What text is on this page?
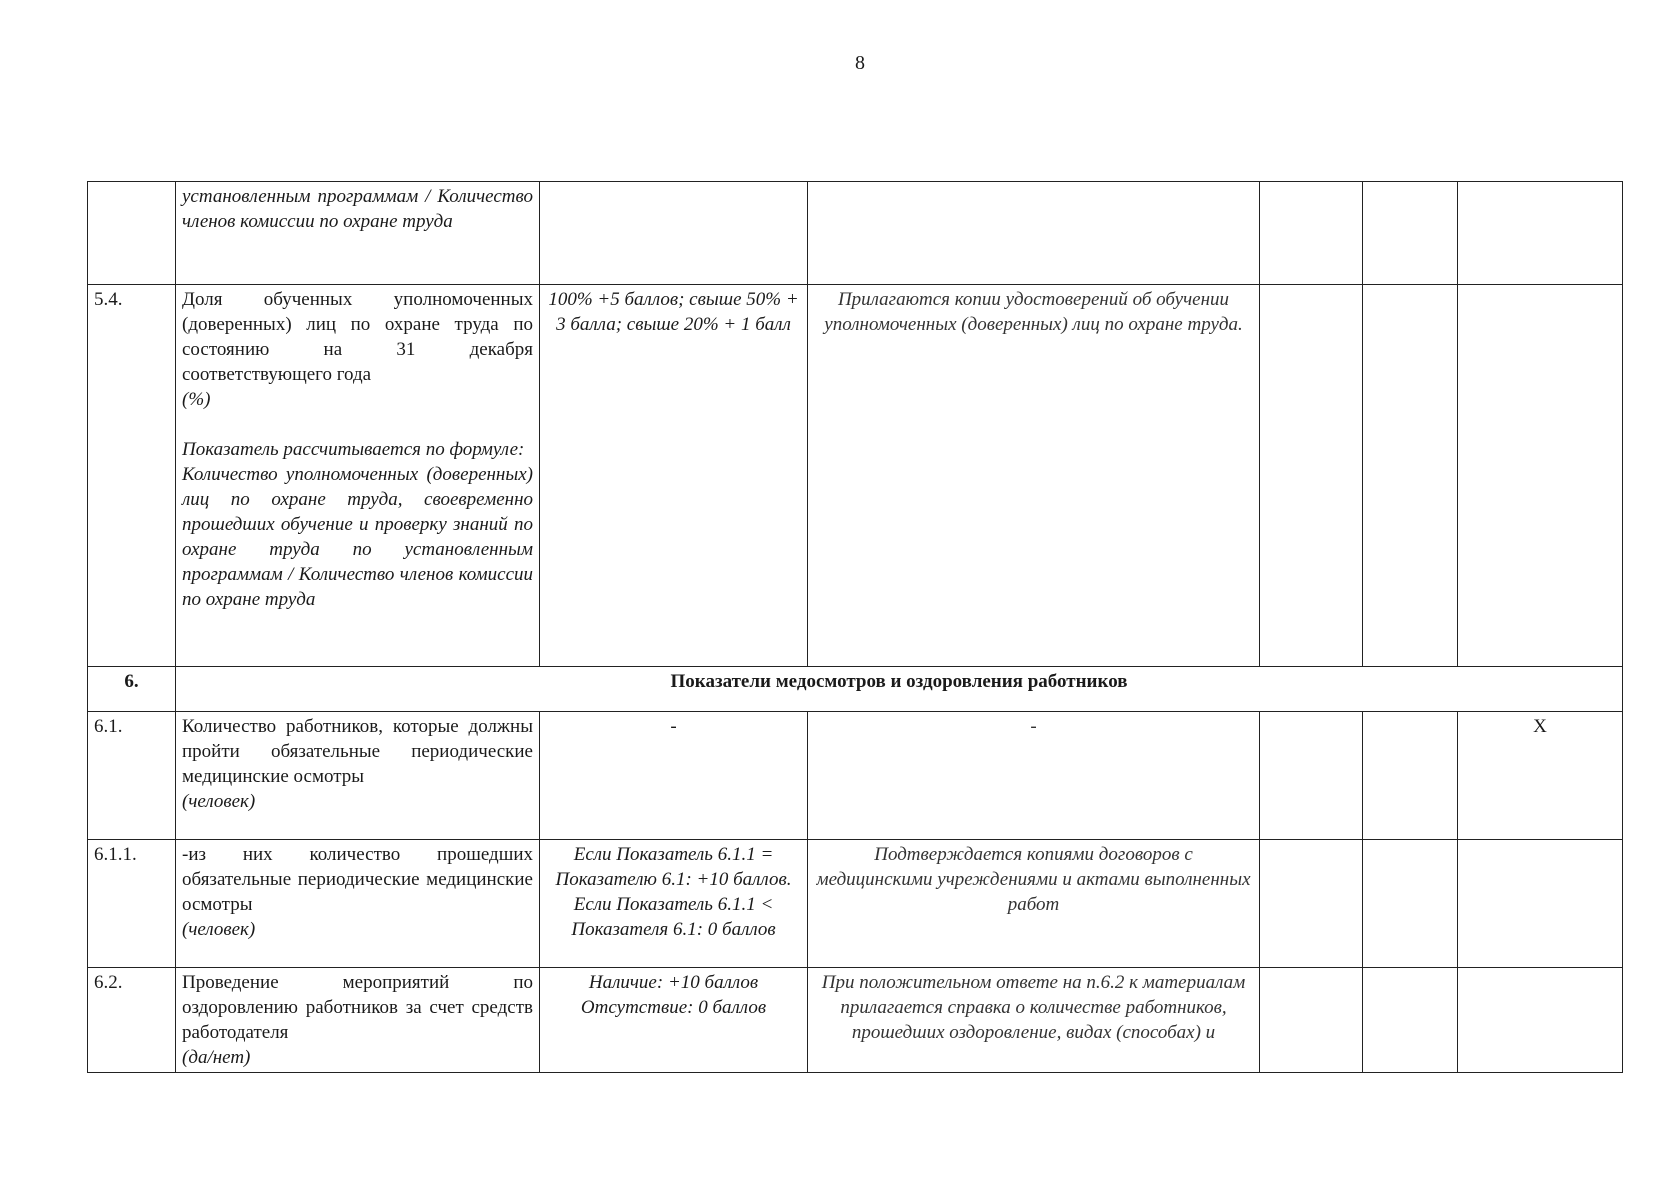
8
	установленным программам / Количество членов комиссии по охране труда					
5.4.	Доля обученных уполномоченных (доверенных) лиц по охране труда по состоянию на 31 декабря соответствующего года
(%)
Показатель рассчитывается по формуле:
Количество уполномоченных (доверенных) лиц по охране труда, своевременно прошедших обучение и проверку знаний по охране труда по установленным программам / Количество членов комиссии по охране труда	100% +5 баллов; свыше 50% + 3 балла; свыше 20% + 1 балл	Прилагаются копии удостоверений об обучении уполномоченных (доверенных) лиц по охране труда.			
6.	Показатели медосмотров и оздоровления работников					
6.1.	Количество работников, которые должны пройти обязательные периодические медицинские осмотры
(человек)	-	-			X
6.1.1.	-из них количество прошедших обязательные периодические медицинские осмотры
(человек)	Если Показатель 6.1.1 = Показателю 6.1: +10 баллов.
Если Показатель 6.1.1 < Показателя 6.1: 0 баллов	Подтверждается копиями договоров с медицинскими учреждениями и актами выполненных работ			
6.2.	Проведение мероприятий по оздоровлению работников за счет средств работодателя
(да/нет)	Наличие: +10 баллов
Отсутствие: 0 баллов	При положительном ответе на п.6.2 к материалам прилагается справка о количестве работников, прошедших оздоровление, видах (способах) и			
